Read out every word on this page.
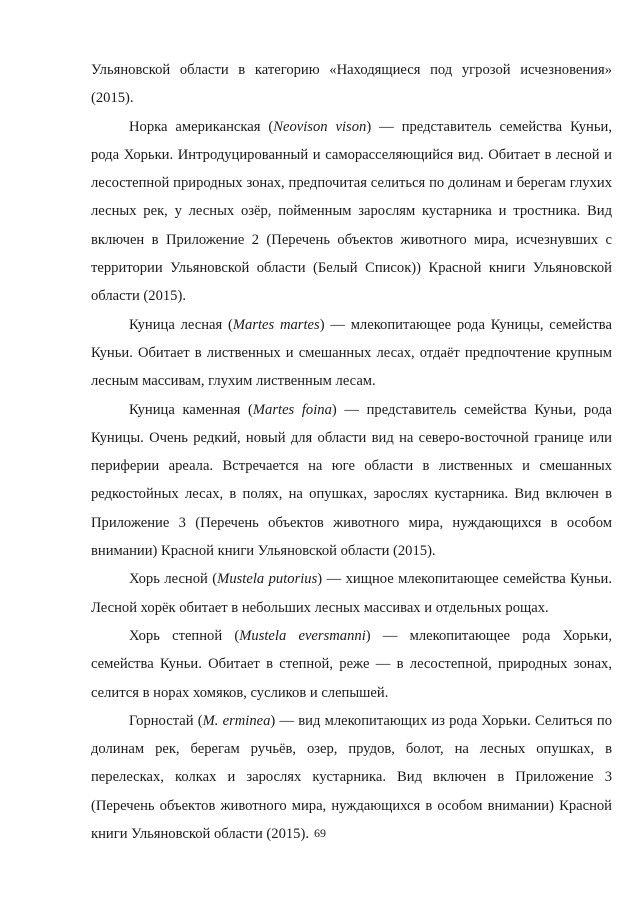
Ульяновской области в категорию «Находящиеся под угрозой исчезновения» (2015).

Норка американская (Neovison vison) — представитель семейства Куньи, рода Хорьки. Интродуцированный и саморасселяющийся вид. Обитает в лесной и лесостепной природных зонах, предпочитая селиться по долинам и берегам глухих лесных рек, у лесных озёр, пойменным зарослям кустарника и тростника. Вид включен в Приложение 2 (Перечень объектов животного мира, исчезнувших с территории Ульяновской области (Белый Список)) Красной книги Ульяновской области (2015).

Куница лесная (Martes martes) — млекопитающее рода Куницы, семейства Куньи. Обитает в лиственных и смешанных лесах, отдаёт предпочтение крупным лесным массивам, глухим лиственным лесам.

Куница каменная (Martes foina) — представитель семейства Куньи, рода Куницы. Очень редкий, новый для области вид на северо-восточной границе или периферии ареала. Встречается на юге области в лиственных и смешанных редкостойных лесах, в полях, на опушках, зарослях кустарника. Вид включен в Приложение 3 (Перечень объектов животного мира, нуждающихся в особом внимании) Красной книги Ульяновской области (2015).

Хорь лесной (Mustela putorius) — хищное млекопитающее семейства Куньи. Лесной хорёк обитает в небольших лесных массивах и отдельных рощах.

Хорь степной (Mustela eversmanni) — млекопитающее рода Хорьки, семейства Куньи. Обитает в степной, реже — в лесостепной, природных зонах, селится в норах хомяков, сусликов и слепышей.

Горностай (M. erminea) — вид млекопитающих из рода Хорьки. Селиться по долинам рек, берегам ручьёв, озер, прудов, болот, на лесных опушках, в перелесках, колках и зарослях кустарника. Вид включен в Приложение 3 (Перечень объектов животного мира, нуждающихся в особом внимании) Красной книги Ульяновской области (2015). 69
